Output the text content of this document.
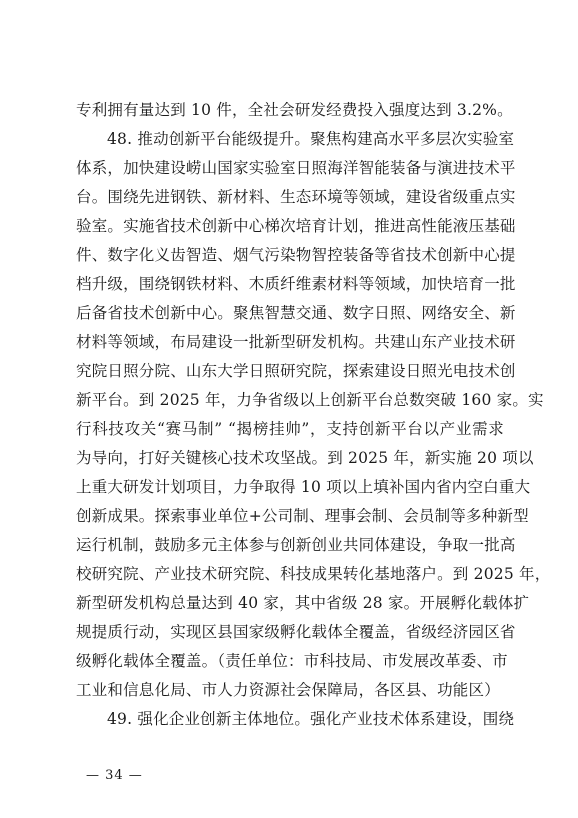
专利拥有量达到 10 件，全社会研发经费投入强度达到 3.2%。
48. 推动创新平台能级提升。聚焦构建高水平多层次实验室
体系，加快建设崂山国家实验室日照海洋智能装备与演进技术平
台。围绕先进钢铁、新材料、生态环境等领域，建设省级重点实
验室。实施省技术创新中心梯次培育计划，推进高性能液压基础
件、数字化义齿智造、烟气污染物智控装备等省技术创新中心提
档升级，围绕钢铁材料、木质纤维素材料等领域，加快培育一批
后备省技术创新中心。聚焦智慧交通、数字日照、网络安全、新
材料等领域，布局建设一批新型研发机构。共建山东产业技术研
究院日照分院、山东大学日照研究院，探索建设日照光电技术创
新平台。到 2025 年，力争省级以上创新平台总数突破 160 家。实
行科技攻关“赛马制” “揭榜挂帅”，支持创新平台以产业需求
为导向，打好关键核心技术攻坚战。到 2025 年，新实施 20 项以
上重大研发计划项目，力争取得 10 项以上填补国内省内空白重大
创新成果。探索事业单位+公司制、理事会制、会员制等多种新型
运行机制，鼓励多元主体参与创新创业共同体建设，争取一批高
校研究院、产业技术研究院、科技成果转化基地落户。到 2025 年，
新型研发机构总量达到 40 家，其中省级 28 家。开展孵化载体扩
规提质行动，实现区县国家级孵化载体全覆盖，省级经济园区省
级孵化载体全覆盖。（责任单位：市科技局、市发展改革委、市
工业和信息化局、市人力资源社会保障局，各区县、功能区）
49. 强化企业创新主体地位。强化产业技术体系建设，围绕
— 34 —
